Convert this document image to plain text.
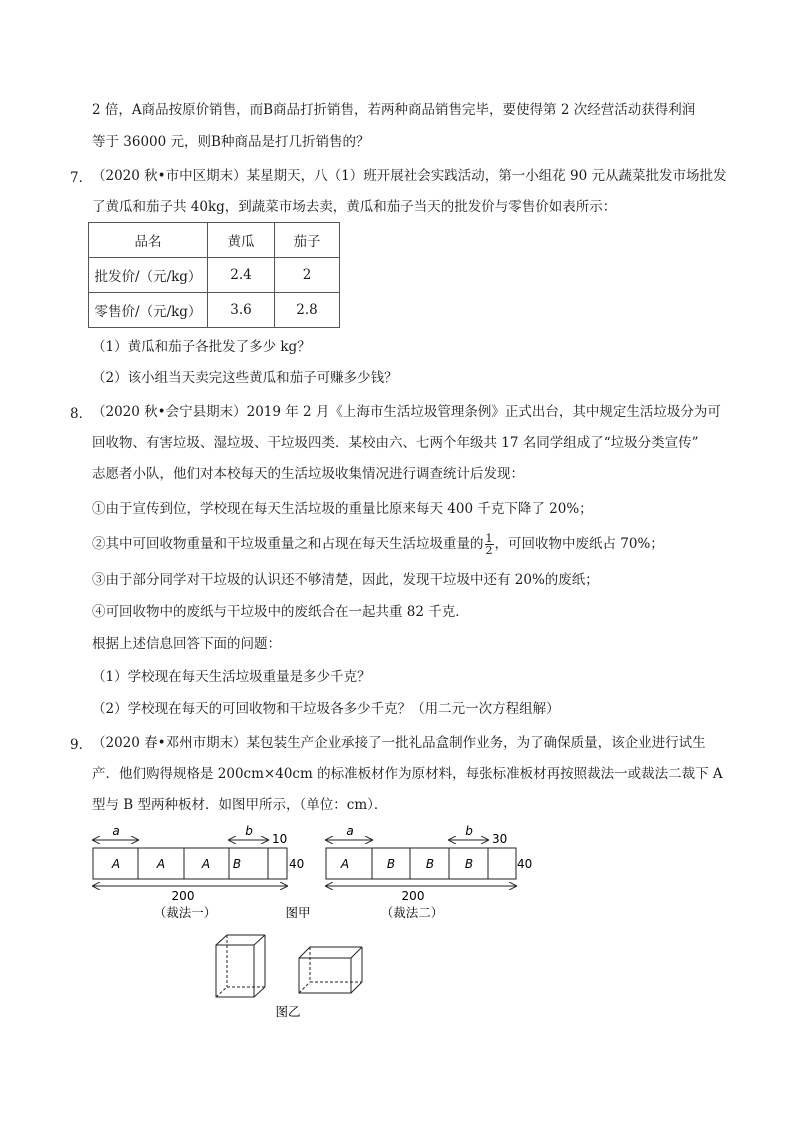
2 倍，A商品按原价销售，而B商品打折销售，若两种商品销售完毕，要使得第 2 次经营活动获得利润
等于 36000 元，则B种商品是打几折销售的？
7． （2020 秋•市中区期末）某星期天，八（1）班开展社会实践活动，第一小组花 90 元从蔬菜批发市场批发
了黄瓜和茄子共 40kg，到蔬菜市场去卖，黄瓜和茄子当天的批发价与零售价如表所示：
品名	黄瓜	茄子
批发价/（元/kg）	2.4	2
零售价/（元/kg）	3.6	2.8
（1）黄瓜和茄子各批发了多少 kg？
（2）该小组当天卖完这些黄瓜和茄子可赚多少钱？
8． （2020 秋•会宁县期末）2019 年 2 月《上海市生活垃圾管理条例》正式出台，其中规定生活垃圾分为可
回收物、有害垃圾、湿垃圾、干垃圾四类．某校由六、七两个年级共 17 名同学组成了“垃圾分类宣传”
志愿者小队，他们对本校每天的生活垃圾收集情况进行调查统计后发现：
①由于宣传到位，学校现在每天生活垃圾的重量比原来每天 400 千克下降了 20%；
②其中可回收物重量和干垃圾重量之和占现在每天生活垃圾重量的 $\frac{1}{2}$ ，可回收物中废纸占 70%；
③由于部分同学对干垃圾的认识还不够清楚，因此，发现干垃圾中还有 20%的废纸；
④可回收物中的废纸与干垃圾中的废纸合在一起共重 82 千克．
根据上述信息回答下面的问题：
（1）学校现在每天生活垃圾重量是多少千克？
（2）学校现在每天的可回收物和干垃圾各多少千克？（用二元一次方程组解）
9． （2020 春•邓州市期末）某包装生产企业承接了一批礼品盒制作业务，为了确保质量，该企业进行试生
产．他们购得规格是 200cm×40cm 的标准板材作为原材料，每张标准板材再按照裁法一或裁法二裁下 A
型与 B 型两种板材．如图甲所示，（单位：cm）．
a	b
10
A	A	A B	40
200
（裁法一）	图甲
a	b
30
A	B	B	B	40
200
（裁法二）
图乙
